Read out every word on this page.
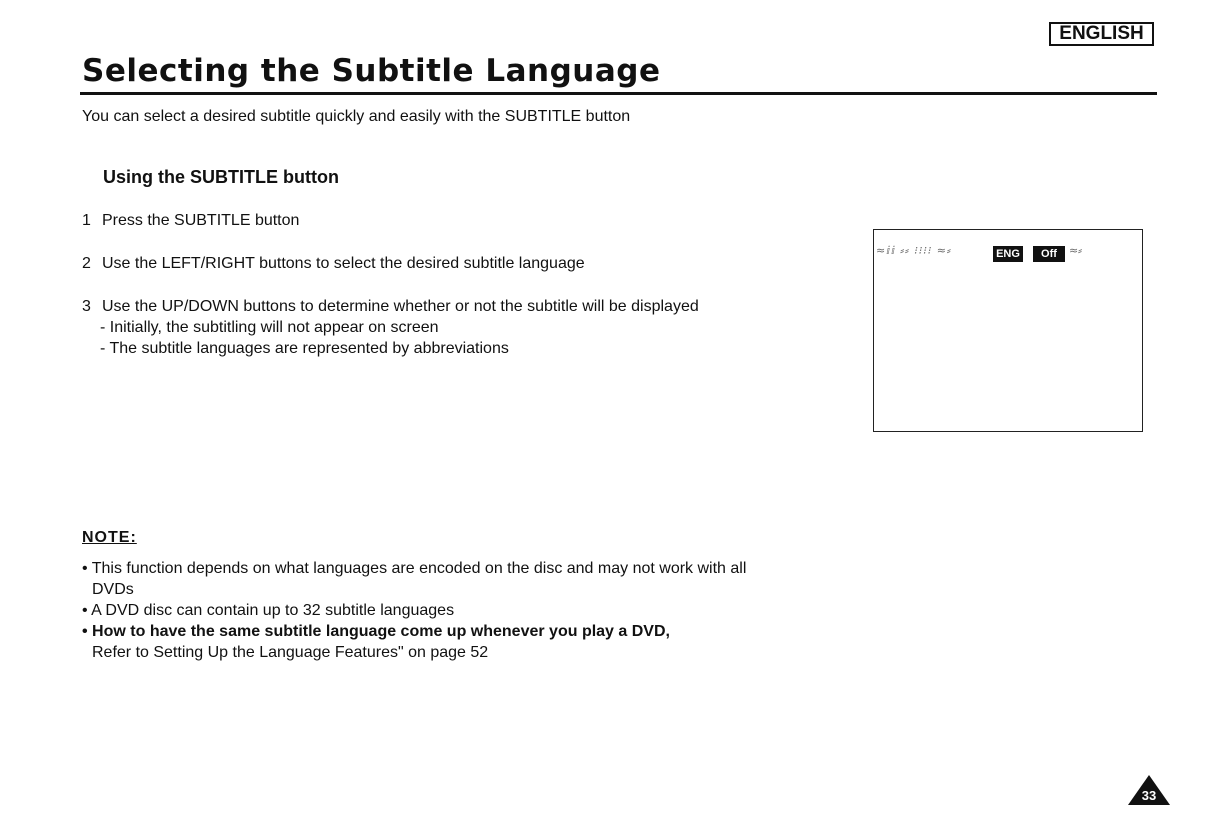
ENGLISH
Selecting the Subtitle Language
You can select a desired subtitle quickly and easily with the SUBTITLE button
Using the SUBTITLE button
1 Press the SUBTITLE button
2 Use the LEFT/RIGHT buttons to select the desired subtitle language
3 Use the UP/DOWN buttons to determine whether or not the subtitle will be displayed
- Initially, the subtitling will not appear on screen
- The subtitle languages are represented by abbreviations
≈ⅈⅈ ⸗⸗ ⁝⁝⁝⁝ ≈⸗	ENG	Off	≈⸗
NOTE:
• This function depends on what languages are encoded on the disc and may not work with all
DVDs
• A DVD disc can contain up to 32 subtitle languages
• How to have the same subtitle language come up whenever you play a DVD,
Refer to Setting Up the Language Features" on page 52
33
